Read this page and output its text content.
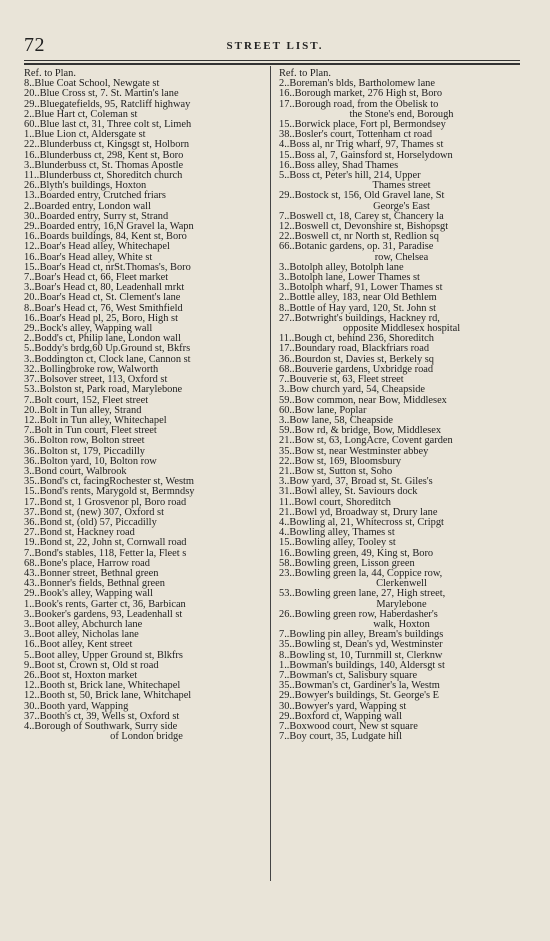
72	STREET LIST.
Ref. to Plan.
8..Blue Coat School, Newgate st
20..Blue Cross st, 7. St. Martin's lane
29..Bluegatefields, 95, Ratcliff highway
2..Blue Hart ct, Coleman st
60..Blue last ct, 31, Three colt st, Limeh
1..Blue Lion ct, Aldersgate st
22..Blunderbuss ct, Kingsgt st, Holborn
16..Blunderbuss ct, 298, Kent st, Boro
3..Blunderbuss ct, St. Thomas Apostle
11..Blunderbuss ct, Shoreditch church
26..Blyth's buildings, Hoxton
13..Boarded entry, Crutched friars
2..Boarded entry, London wall
30..Boarded entry, Surry st, Strand
29..Boarded entry, 16,N Gravel la, Wapn
16..Boards buildings, 84, Kent st, Boro
12..Boar's Head alley, Whitechapel
16..Boar's Head alley, White st
15..Boar's Head ct, nrSt.Thomas's, Boro
7..Boar's Head ct, 66, Fleet market
3..Boar's Head ct, 80, Leadenhall mrkt
20..Boar's Head ct, St. Clement's lane
8..Boar's Head ct, 76, West Smithfield
16..Boar's Head pl, 25, Boro, High st
29..Bock's alley, Wapping wall
2..Bodd's ct, Philip lane, London wall
5..Boddy's brdg,60 Up.Ground st, Bkfrs
3..Boddington ct, Clock lane, Cannon st
32..Bollingbroke row, Walworth
37..Bolsover street, 113, Oxford st
53..Bolston st, Park road, Marylebone
7..Bolt court, 152, Fleet street
20..Bolt in Tun alley, Strand
12..Bolt in Tun alley, Whitechapel
7..Bolt in Tun court, Fleet street
36..Bolton row, Bolton street
36..Bolton st, 179, Piccadilly
36..Bolton yard, 10, Bolton row
3..Bond court, Walbrook
35..Bond's ct, facingRochester st, Westm
15..Bond's rents, Marygold st, Bermndsy
17..Bond st, 1 Grosvenor pl, Boro road
37..Bond st, (new) 307, Oxford st
36..Bond st, (old) 57, Piccadilly
27..Bond st, Hackney road
19..Bond st, 22, John st, Cornwall road
7..Bond's stables, 118, Fetter la, Fleet s
68..Bone's place, Harrow road
43..Bonner street, Bethnal green
43..Bonner's fields, Bethnal green
29..Book's alley, Wapping wall
1..Book's rents, Garter ct, 36, Barbican
3..Booker's gardens, 93, Leadenhall st
3..Boot alley, Abchurch lane
3..Boot alley, Nicholas lane
16..Boot alley, Kent street
5..Boot alley, Upper Ground st, Blkfrs
9..Boot st, Crown st, Old st road
26..Boot st, Hoxton market
12..Booth st, Brick lane, Whitechapel
12..Booth st, 50, Brick lane, Whitchapel
30..Booth yard, Wapping
37..Booth's ct, 39, Wells st, Oxford st
4..Borough of Southwark, Surry side
of London bridge
Ref. to Plan.
2..Boreman's blds, Bartholomew lane
16..Borough market, 276 High st, Boro
17..Borough road, from the Obelisk to
the Stone's end, Borough
15..Borwick place, Fort pl, Bermondsey
38..Bosler's court, Tottenham ct road
4..Boss al, nr Trig wharf, 97, Thames st
15..Boss al, 7, Gainsford st, Horselydown
16..Boss alley, Shad Thames
5..Boss ct, Peter's hill, 214, Upper
Thames street
29..Bostock st, 156, Old Gravel lane, St
George's East
7..Boswell ct, 18, Carey st, Chancery la
12..Boswell ct, Devonshire st, Bishopsgt
22..Boswell ct, nr North st, Redlion sq
66..Botanic gardens, op. 31, Paradise
row, Chelsea
3..Botolph alley, Botolph lane
3..Botolph lane, Lower Thames st
3..Botolph wharf, 91, Lower Thames st
2..Bottle alley, 183, near Old Bethlem
8..Bottle of Hay yard, 120, St. John st
27..Botwright's buildings, Hackney rd,
opposite Middlesex hospital
11..Bough ct, behind 236, Shoreditch
17..Boundary road, Blackfriars road
36..Bourdon st, Davies st, Berkely sq
68..Bouverie gardens, Uxbridge road
7..Bouverie st, 63, Fleet street
3..Bow church yard, 54, Cheapside
59..Bow common, near Bow, Middlesex
60..Bow lane, Poplar
3..Bow lane, 58, Cheapside
59..Bow rd, & bridge, Bow, Middlesex
21..Bow st, 63, LongAcre, Covent garden
35..Bow st, near Westminster abbey
22..Bow st, 169, Bloomsbury
21..Bow st, Sutton st, Soho
3..Bow yard, 37, Broad st, St. Giles's
31..Bowl alley, St. Saviours dock
11..Bowl court, Shoreditch
21..Bowl yd, Broadway st, Drury lane
4..Bowling al, 21, Whitecross st, Cripgt
4..Bowling alley, Thames st
15..Bowling alley, Tooley st
16..Bowling green, 49, King st, Boro
58..Bowling green, Lisson green
23..Bowling green la, 44, Coppice row,
Clerkenwell
53..Bowling green lane, 27, High street,
Marylebone
26..Bowling green row, Haberdasher's
walk, Hoxton
7..Bowling pin alley, Bream's buildings
35..Bowling st, Dean's yd, Westminster
8..Bowling st, 10, Turnmill st, Clerknw
1..Bowman's buildings, 140, Aldersgt st
7..Bowman's ct, Salisbury square
35..Bowman's ct, Gardiner's la, Westm
29..Bowyer's buildings, St. George's E
30..Bowyer's yard, Wapping st
29..Boxford ct, Wapping wall
7..Boxwood court, New st square
7..Boy court, 35, Ludgate hill
